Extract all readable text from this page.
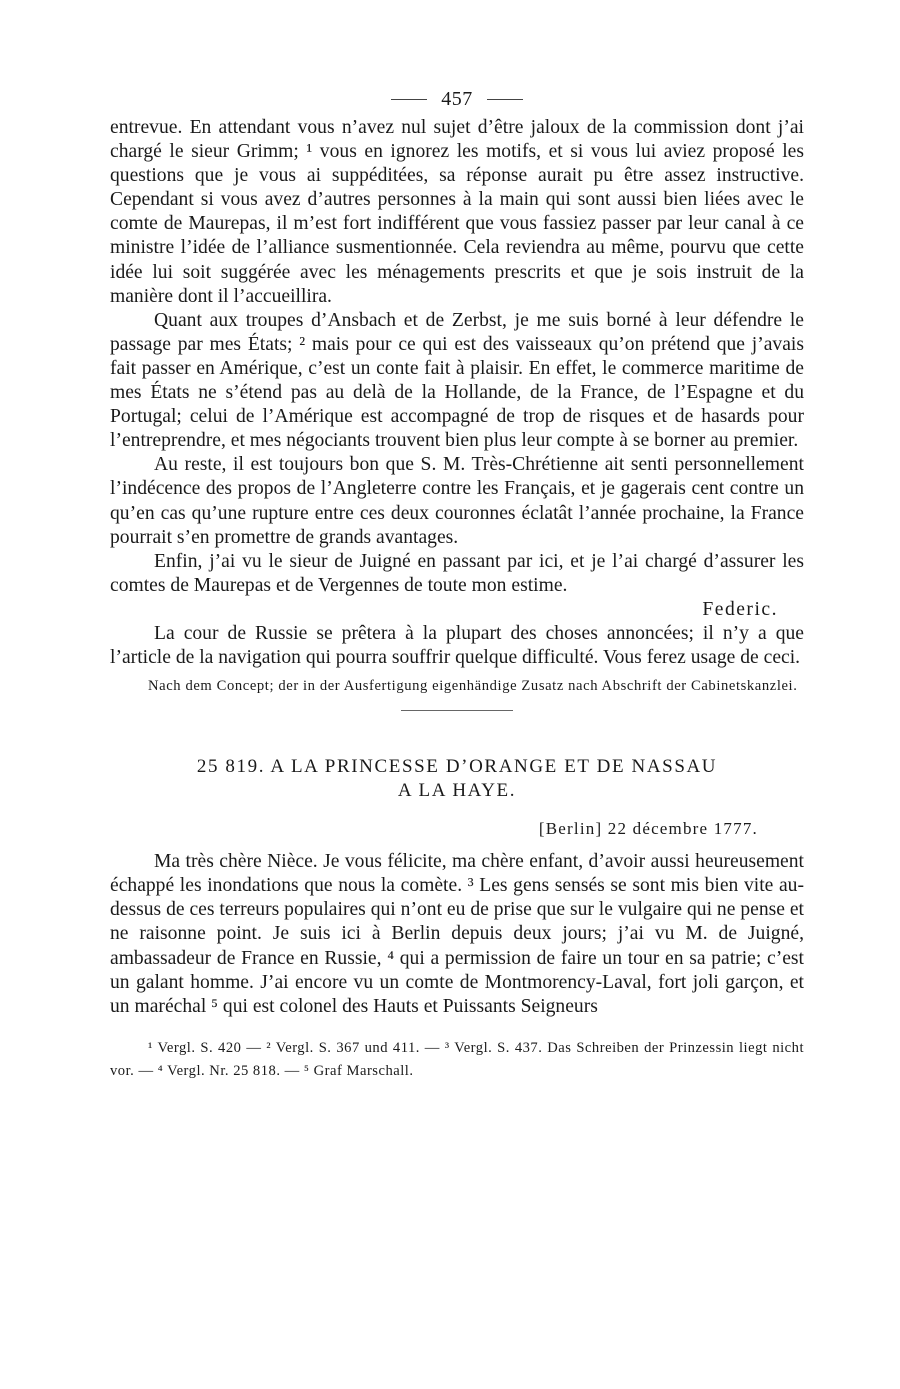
457

entrevue. En attendant vous n’avez nul sujet d’être jaloux de la commission dont j’ai chargé le sieur Grimm; ¹ vous en ignorez les motifs, et si vous lui aviez proposé les questions que je vous ai suppéditées, sa réponse aurait pu être assez instructive. Cependant si vous avez d’autres personnes à la main qui sont aussi bien liées avec le comte de Maurepas, il m’est fort indifférent que vous fassiez passer par leur canal à ce ministre l’idée de l’alliance susmentionnée. Cela reviendra au même, pourvu que cette idée lui soit suggérée avec les ménagements prescrits et que je sois instruit de la manière dont il l’accueillira.

Quant aux troupes d’Ansbach et de Zerbst, je me suis borné à leur défendre le passage par mes États; ² mais pour ce qui est des vaisseaux qu’on prétend que j’avais fait passer en Amérique, c’est un conte fait à plaisir. En effet, le commerce maritime de mes États ne s’étend pas au delà de la Hollande, de la France, de l’Espagne et du Portugal; celui de l’Amérique est accompagné de trop de risques et de hasards pour l’entreprendre, et mes négociants trouvent bien plus leur compte à se borner au premier.

Au reste, il est toujours bon que S. M. Très-Chrétienne ait senti personnellement l’indécence des propos de l’Angleterre contre les Français, et je gagerais cent contre un qu’en cas qu’une rupture entre ces deux couronnes éclatât l’année prochaine, la France pourrait s’en promettre de grands avantages.

Enfin, j’ai vu le sieur de Juigné en passant par ici, et je l’ai chargé d’assurer les comtes de Maurepas et de Vergennes de toute mon estime.

Federic.

La cour de Russie se prêtera à la plupart des choses annoncées; il n’y a que l’article de la navigation qui pourra souffrir quelque difficulté. Vous ferez usage de ceci.

Nach dem Concept; der in der Ausfertigung eigenhändige Zusatz nach Abschrift der Cabinetskanzlei.

25 819. A LA PRINCESSE D’ORANGE ET DE NASSAU
A LA HAYE.
[Berlin] 22 décembre 1777.

Ma très chère Nièce. Je vous félicite, ma chère enfant, d’avoir aussi heureusement échappé les inondations que nous la comète. ³ Les gens sensés se sont mis bien vite au-dessus de ces terreurs populaires qui n’ont eu de prise que sur le vulgaire qui ne pense et ne raisonne point. Je suis ici à Berlin depuis deux jours; j’ai vu M. de Juigné, ambassadeur de France en Russie, ⁴ qui a permission de faire un tour en sa patrie; c’est un galant homme. J’ai encore vu un comte de Montmorency-Laval, fort joli garçon, et un maréchal ⁵ qui est colonel des Hauts et Puissants Seigneurs

¹ Vergl. S. 420 — ² Vergl. S. 367 und 411. — ³ Vergl. S. 437. Das Schreiben der Prinzessin liegt nicht vor. — ⁴ Vergl. Nr. 25 818. — ⁵ Graf Marschall.
